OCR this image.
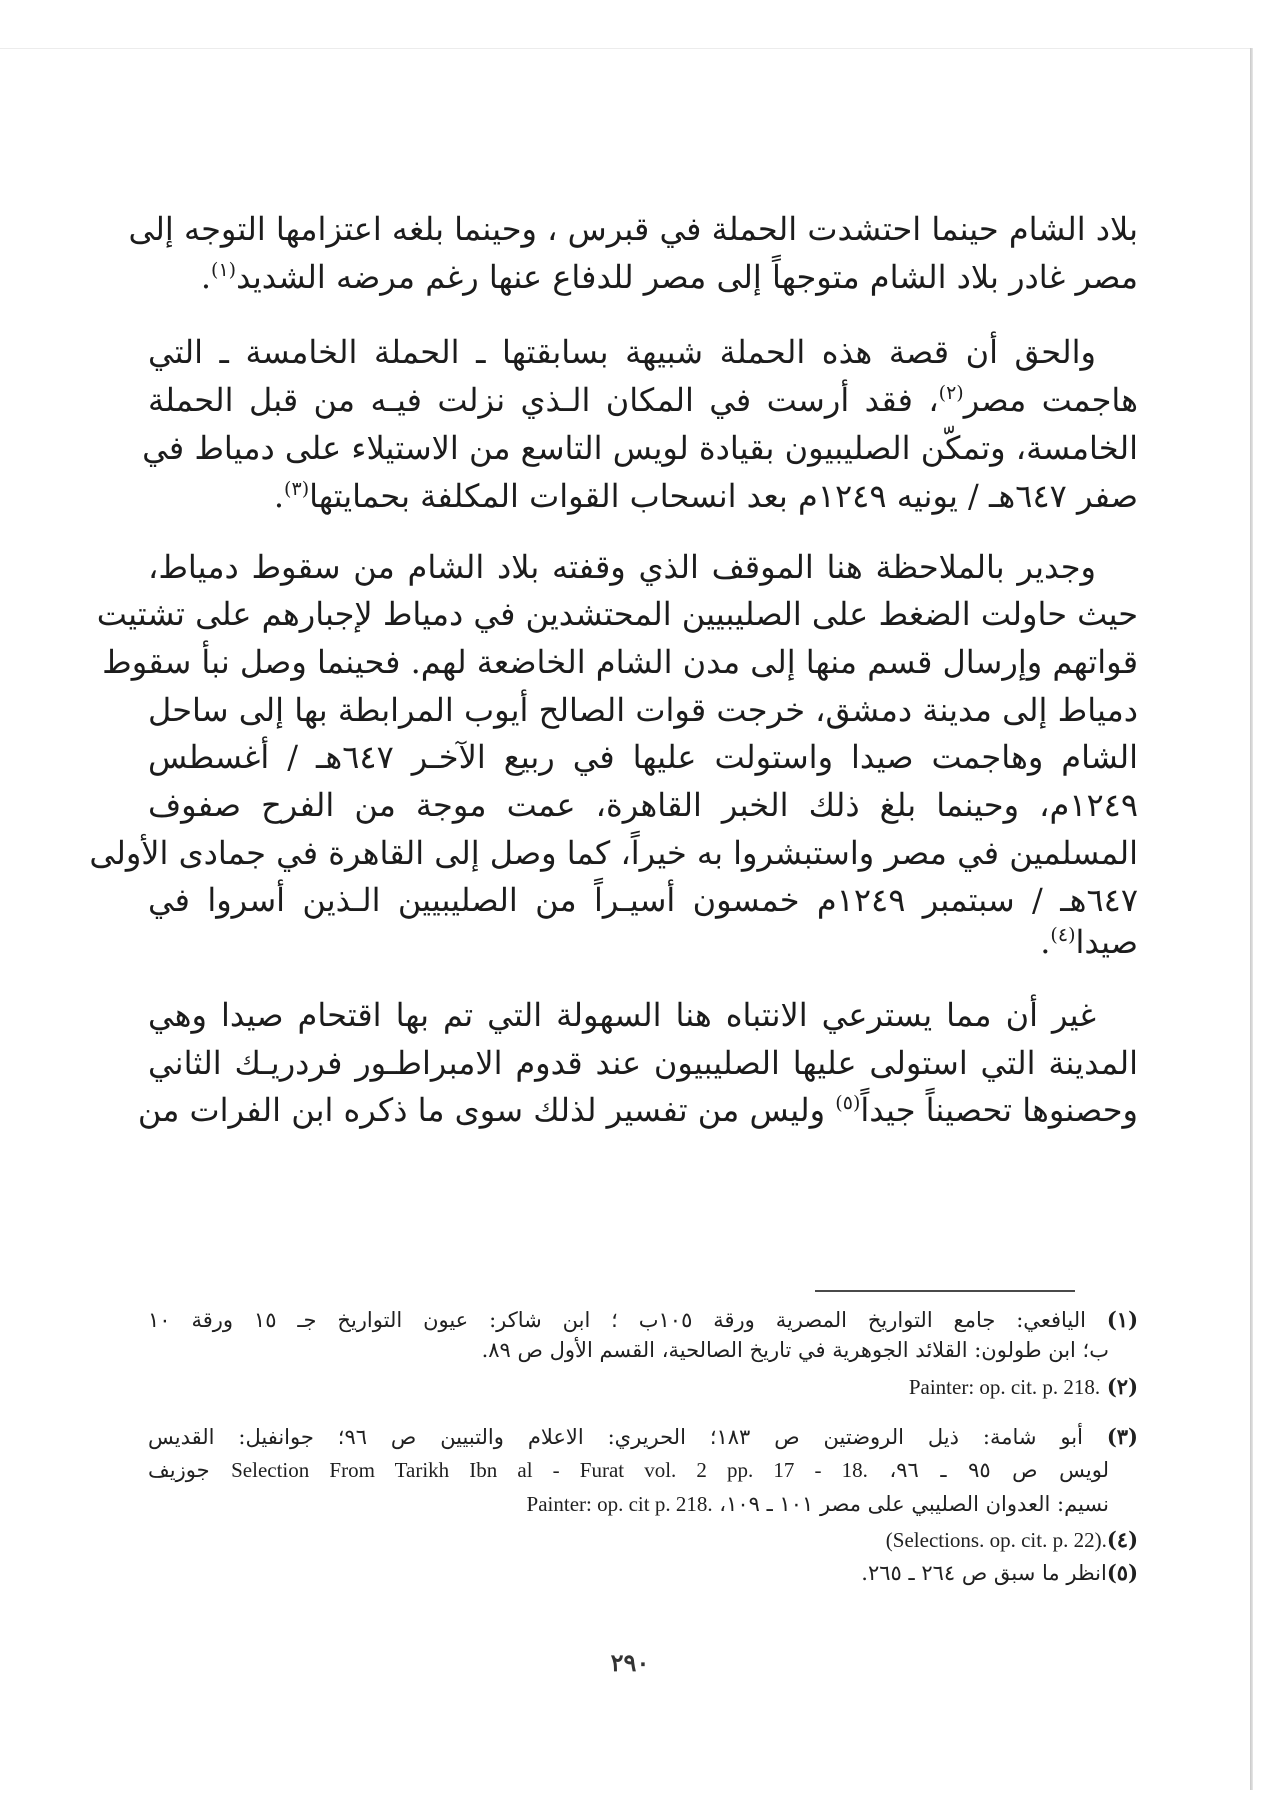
بلاد الشام حينما احتشدت الحملة في قبرس ، وحينما بلغه اعتزامها التوجه إلى
مصر غادر بلاد الشام متوجهاً إلى مصر للدفاع عنها رغم مرضه الشديد$^{(١)}$.
والحق أن قصة هذه الحملة شبيهة بسابقتها ـ الحملة الخامسة ـ التي
هاجمت مصر$^{(٢)}$، فقد أرست في المكان الـذي نزلت فيـه من قبل الحملة
الخامسة، وتمكّن الصليبيون بقيادة لويس التاسع من الاستيلاء على دمياط في
صفر ٦٤٧هـ / يونيه ١٢٤٩م بعد انسحاب القوات المكلفة بحمايتها$^{(٣)}$.
وجدير بالملاحظة هنا الموقف الذي وقفته بلاد الشام من سقوط دمياط،
حيث حاولت الضغط على الصليبيين المحتشدين في دمياط لإجبارهم على تشتيت
قواتهم وإرسال قسم منها إلى مدن الشام الخاضعة لهم. فحينما وصل نبأ سقوط
دمياط إلى مدينة دمشق، خرجت قوات الصالح أيوب المرابطة بها إلى ساحل
الشام وهاجمت صيدا واستولت عليها في ربيع الآخـر ٦٤٧هـ / أغسطس
١٢٤٩م، وحينما بلغ ذلك الخبر القاهرة، عمت موجة من الفرح صفوف
المسلمين في مصر واستبشروا به خيراً، كما وصل إلى القاهرة في جمادى الأولى
٦٤٧هـ / سبتمبر ١٢٤٩م خمسون أسيـراً من الصليبيين الـذين أسروا في
صيدا$^{(٤)}$.
غير أن مما يسترعي الانتباه هنا السهولة التي تم بها اقتحام صيدا وهي
المدينة التي استولى عليها الصليبيون عند قدوم الامبراطـور فردريـك الثاني
وحصنوها تحصيناً جيداً$^{(٥)}$ وليس من تفسير لذلك سوى ما ذكره ابن الفرات من
(١) اليافعي: جامع التواريخ المصرية ورقة ١٠٥ب ؛ ابن شاكر: عيون التواريخ جـ ١٥ ورقة ١٠
ب؛ ابن طولون: القلائد الجوهرية في تاريخ الصالحية، القسم الأول ص ٨٩.
(٢) Painter: op. cit. p. 218.
(٣) أبو شامة: ذيل الروضتين ص ١٨٣؛ الحريري: الاعلام والتبيين ص ٩٦؛ جوانفيل: القديس
لويس ص ٩٥ ـ ٩٦، Selection From Tarikh Ibn al - Furat vol. 2 pp. 17 - 18. جوزيف
نسيم: العدوان الصليبي على مصر ١٠١ ـ ١٠٩، Painter: op. cit p. 218.
(٤)(Selections. op. cit. p. 22).
(٥)انظر ما سبق ص ٢٦٤ ـ ٢٦٥.
٢٩٠
